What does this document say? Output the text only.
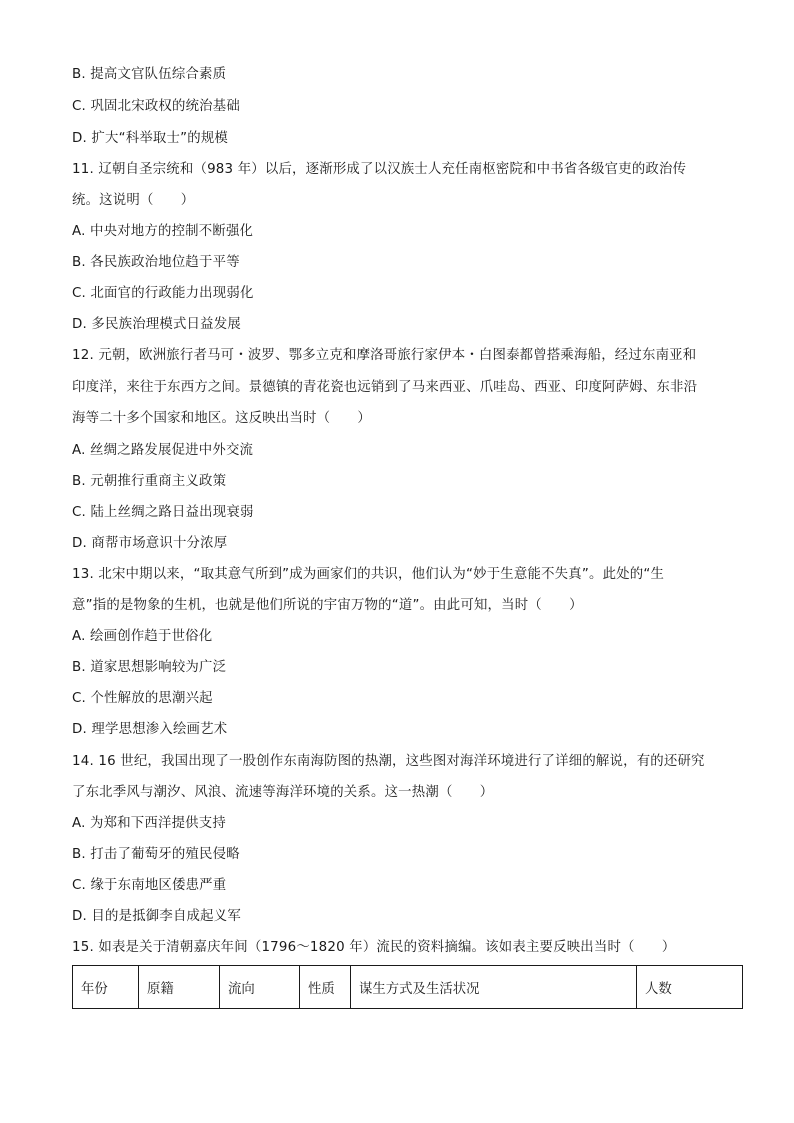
B. 提高文官队伍综合素质
C. 巩固北宋政权的统治基础
D. 扩大“科举取士”的规模
11. 辽朝自圣宗统和（983 年）以后，逐渐形成了以汉族士人充任南枢密院和中书省各级官吏的政治传
统。这说明（　　）
A. 中央对地方的控制不断强化
B. 各民族政治地位趋于平等
C. 北面官的行政能力出现弱化
D. 多民族治理模式日益发展
12. 元朝，欧洲旅行者马可・波罗、鄂多立克和摩洛哥旅行家伊本・白图泰都曾搭乘海船，经过东南亚和
印度洋，来往于东西方之间。景德镇的青花瓷也远销到了马来西亚、爪哇岛、西亚、印度阿萨姆、东非沿
海等二十多个国家和地区。这反映出当时（　　）
A. 丝绸之路发展促进中外交流
B. 元朝推行重商主义政策
C. 陆上丝绸之路日益出现衰弱
D. 商帮市场意识十分浓厚
13. 北宋中期以来，“取其意气所到”成为画家们的共识，他们认为“妙于生意能不失真”。此处的“生
意”指的是物象的生机，也就是他们所说的宇宙万物的“道”。由此可知，当时（　　）
A. 绘画创作趋于世俗化
B. 道家思想影响较为广泛
C. 个性解放的思潮兴起
D. 理学思想渗入绘画艺术
14. 16 世纪，我国出现了一股创作东南海防图的热潮，这些图对海洋环境进行了详细的解说，有的还研究
了东北季风与潮汐、风浪、流速等海洋环境的关系。这一热潮（　　）
A. 为郑和下西洋提供支持
B. 打击了葡萄牙的殖民侵略
C. 缘于东南地区倭患严重
D. 目的是抵御李自成起义军
15. 如表是关于清朝嘉庆年间（1796～1820 年）流民的资料摘编。该如表主要反映出当时（　　）
年份	原籍	流向	性质	谋生方式及生活状况	人数
